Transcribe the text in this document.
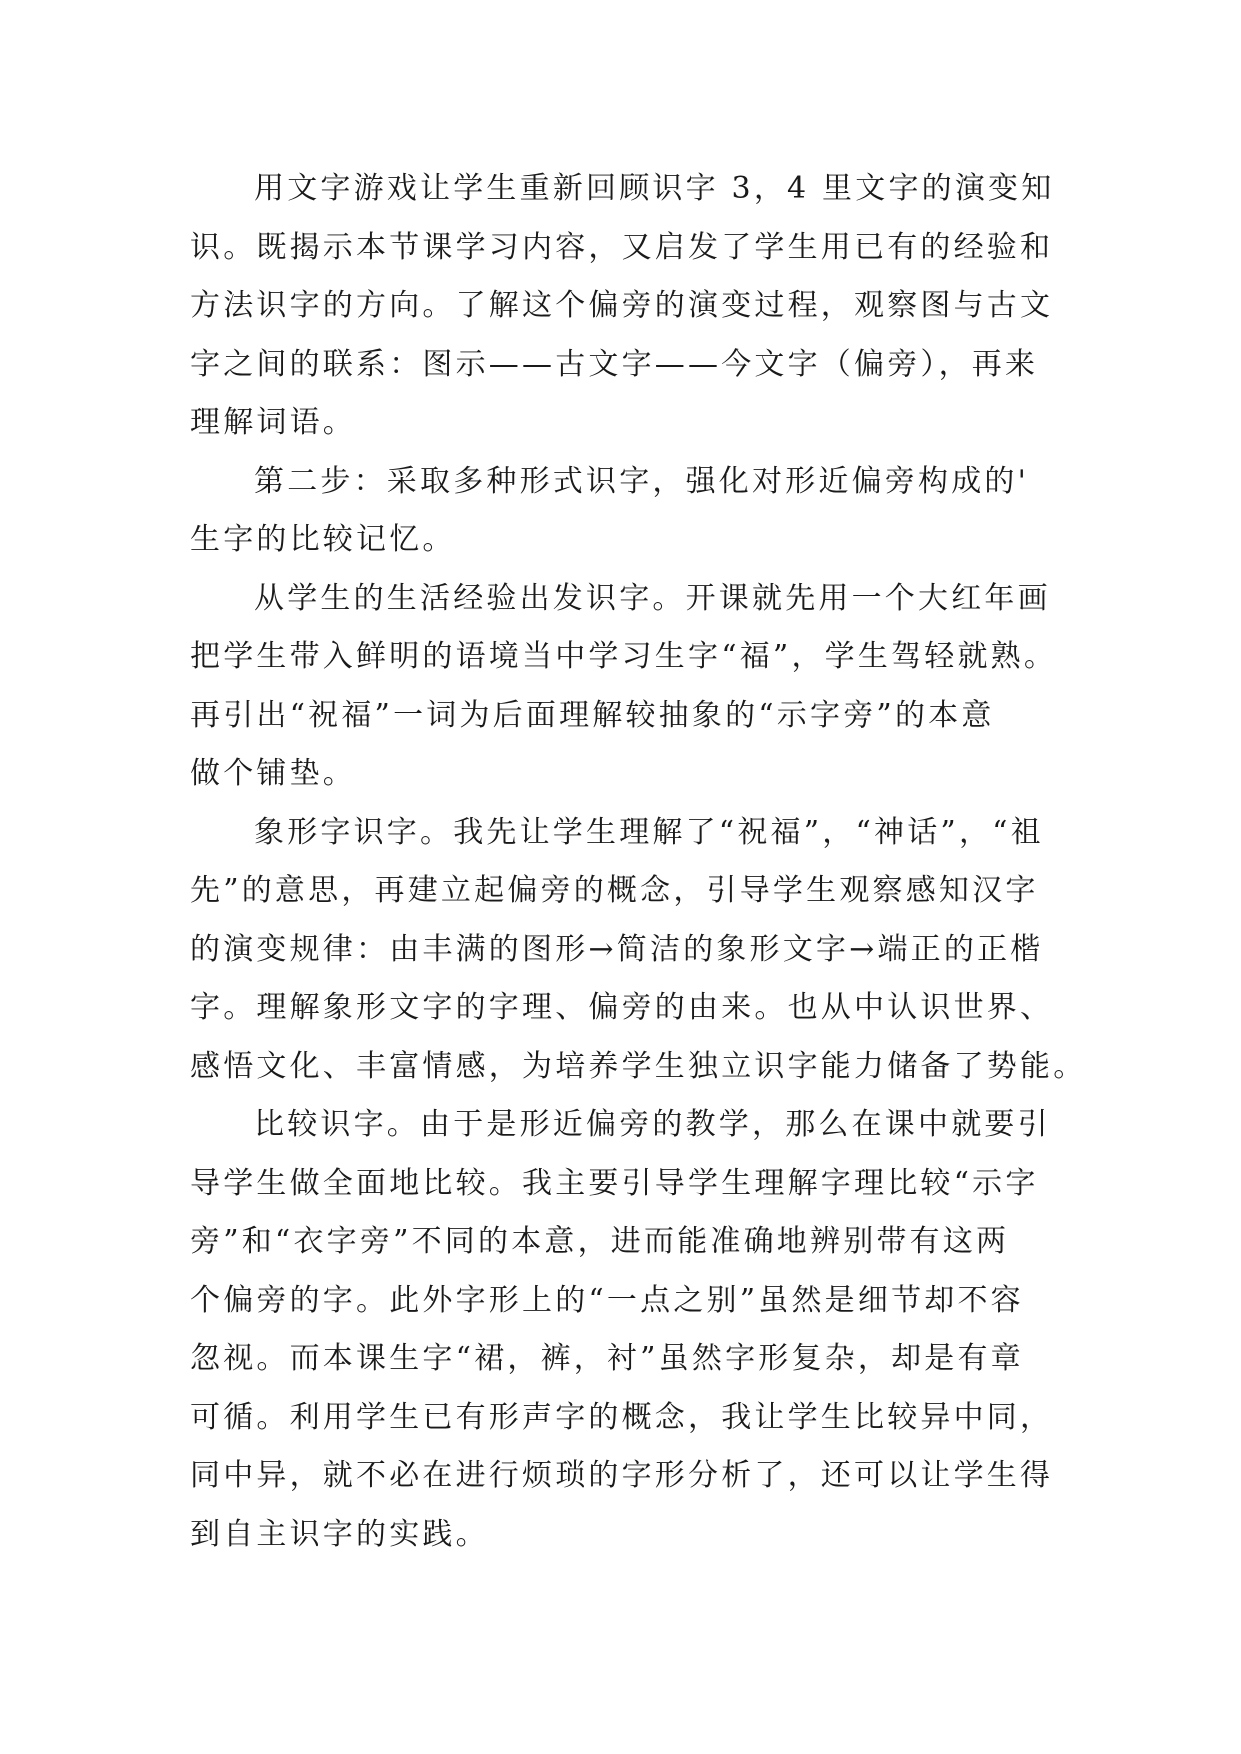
用文字游戏让学生重新回顾识字 3，4 里文字的演变知
识。既揭示本节课学习内容，又启发了学生用已有的经验和
方法识字的方向。了解这个偏旁的演变过程，观察图与古文
字之间的联系：图示——古文字——今文字（偏旁），再来
理解词语。

第二步：采取多种形式识字，强化对形近偏旁构成的'
生字的比较记忆。

从学生的生活经验出发识字。开课就先用一个大红年画
把学生带入鲜明的语境当中学习生字“福”，学生驾轻就熟。
再引出“祝福”一词为后面理解较抽象的“示字旁”的本意
做个铺垫。

象形字识字。我先让学生理解了“祝福”，“神话”，“祖
先”的意思，再建立起偏旁的概念，引导学生观察感知汉字
的演变规律：由丰满的图形→简洁的象形文字→端正的正楷
字。理解象形文字的字理、偏旁的由来。也从中认识世界、
感悟文化、丰富情感，为培养学生独立识字能力储备了势能。

比较识字。由于是形近偏旁的教学，那么在课中就要引
导学生做全面地比较。我主要引导学生理解字理比较“示字
旁”和“衣字旁”不同的本意，进而能准确地辨别带有这两
个偏旁的字。此外字形上的“一点之别”虽然是细节却不容
忽视。而本课生字“裙，裤，衬”虽然字形复杂，却是有章
可循。利用学生已有形声字的概念，我让学生比较异中同，
同中异，就不必在进行烦琐的字形分析了，还可以让学生得
到自主识字的实践。
